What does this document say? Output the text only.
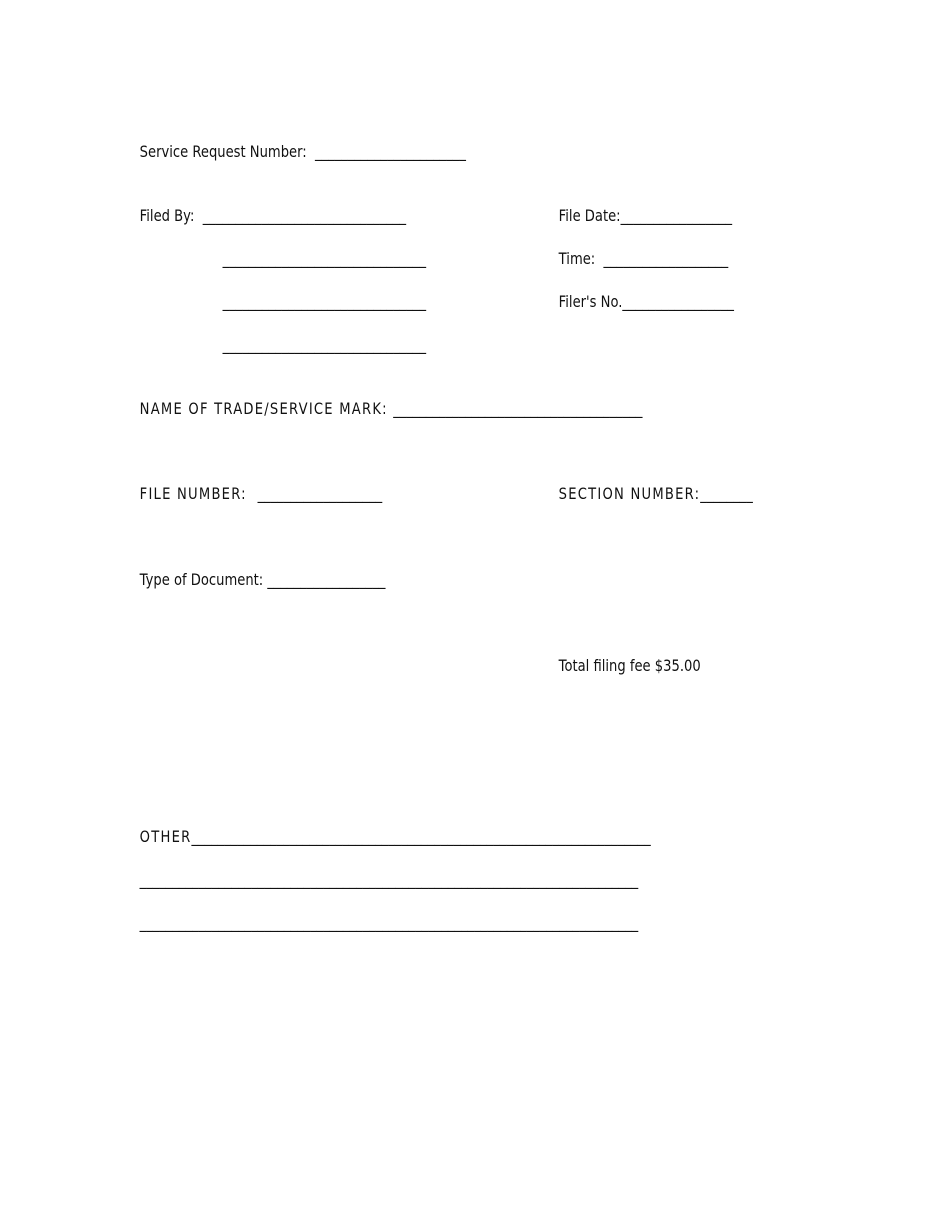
Service Request Number:  _______________________

Filed By:  _______________________________

_______________________________

_______________________________

_______________________________

File Date:_________________

Time:  ___________________

Filer's No._________________

NAME OF TRADE/SERVICE MARK: ______________________________________

FILE NUMBER:  ___________________
	SECTION NUMBER:________

Type of Document: __________________

Total filing fee $35.00

OTHER______________________________________________________________________

____________________________________________________________________________

____________________________________________________________________________
